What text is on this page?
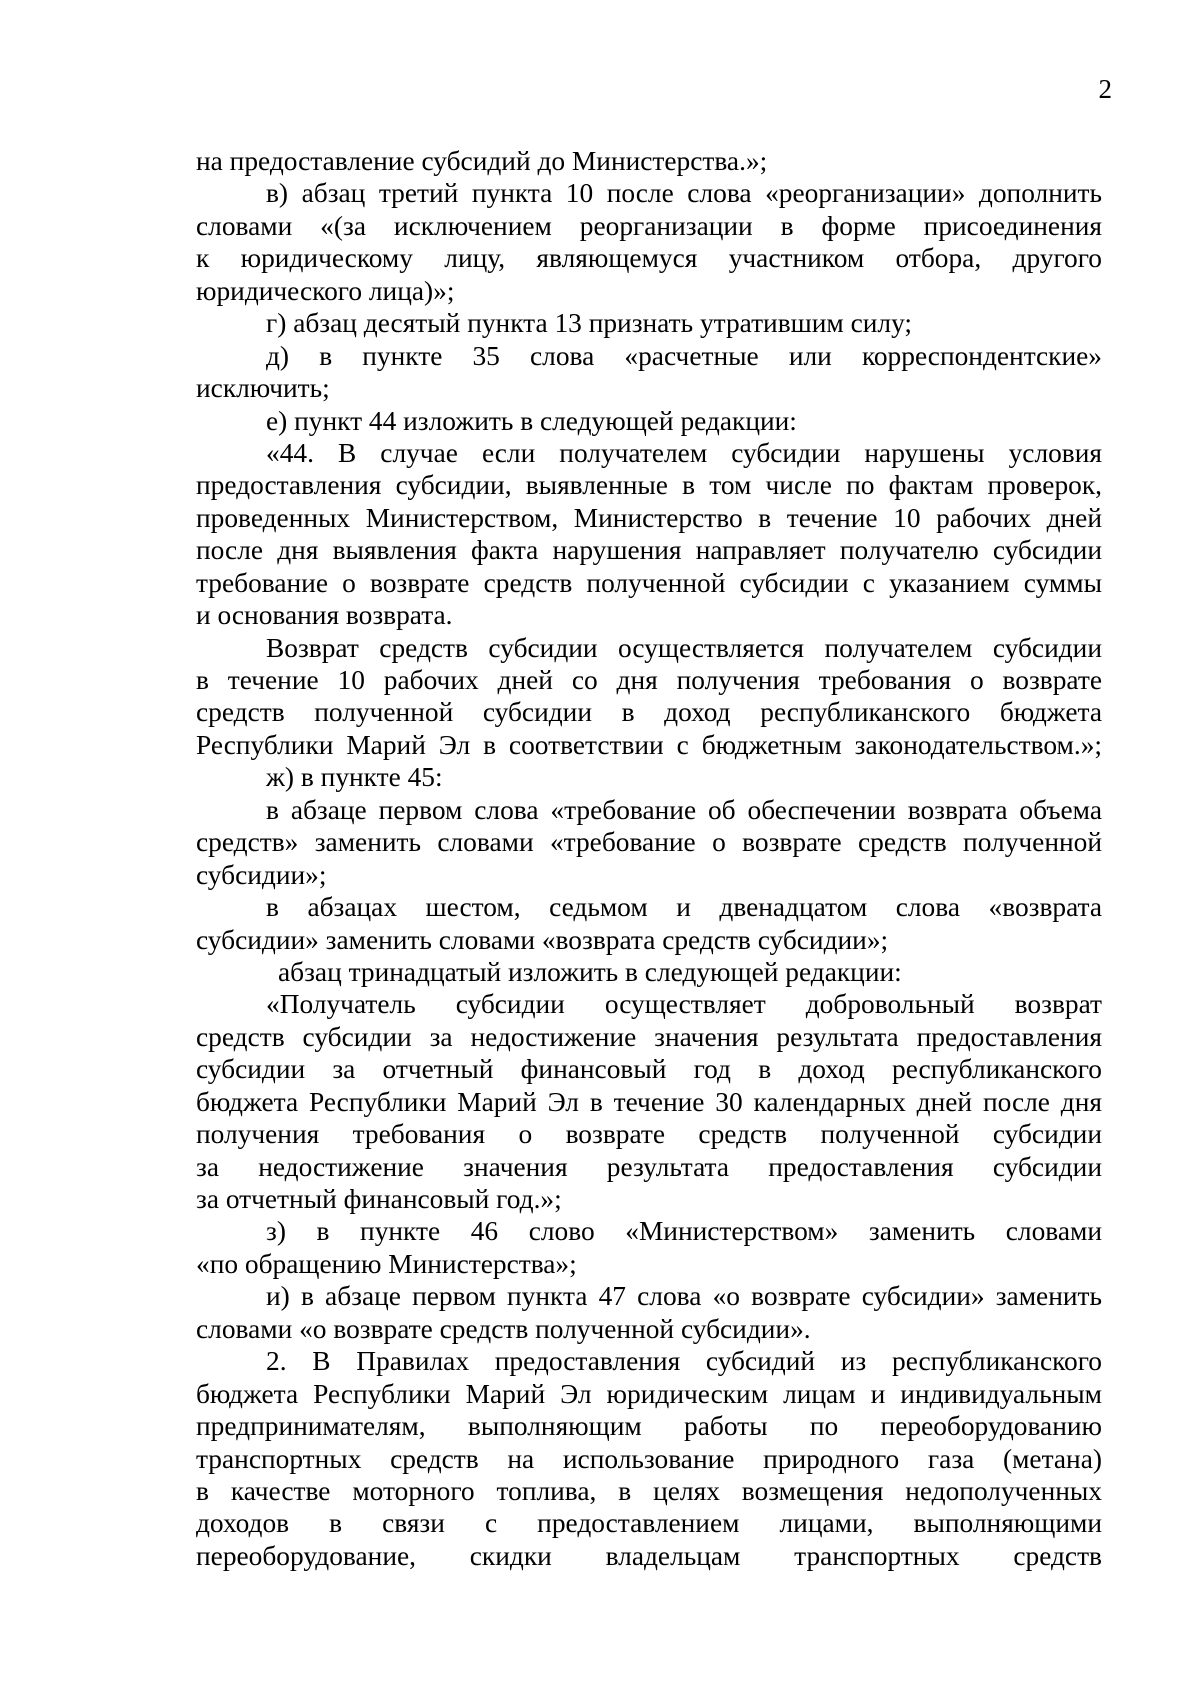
2
на предоставление субсидий до Министерства.»;
в) абзац третий пункта 10 после слова «реорганизации» дополнить
словами «(за исключением реорганизации в форме присоединения
к юридическому лицу, являющемуся участником отбора, другого
юридического лица)»;
г) абзац десятый пункта 13 признать утратившим силу;
д) в пункте 35 слова «расчетные или корреспондентские»
исключить;
е) пункт 44 изложить в следующей редакции:
«44. В случае если получателем субсидии нарушены условия
предоставления субсидии, выявленные в том числе по фактам проверок,
проведенных Министерством, Министерство в течение 10 рабочих дней
после дня выявления факта нарушения направляет получателю субсидии
требование о возврате средств полученной субсидии с указанием суммы
и основания возврата.
Возврат средств субсидии осуществляется получателем субсидии
в течение 10 рабочих дней со дня получения требования о возврате
средств полученной субсидии в доход республиканского бюджета
Республики Марий Эл в соответствии с бюджетным законодательством.»;
ж) в пункте 45:
в абзаце первом слова «требование об обеспечении возврата объема
средств» заменить словами «требование о возврате средств полученной
субсидии»;
в абзацах шестом, седьмом и двенадцатом слова «возврата
субсидии» заменить словами «возврата средств субсидии»;
абзац тринадцатый изложить в следующей редакции:
«Получатель субсидии осуществляет добровольный возврат
средств субсидии за недостижение значения результата предоставления
субсидии за отчетный финансовый год в доход республиканского
бюджета Республики Марий Эл в течение 30 календарных дней после дня
получения требования о возврате средств полученной субсидии
за недостижение значения результата предоставления субсидии
за отчетный финансовый год.»;
з) в пункте 46 слово «Министерством» заменить словами
«по обращению Министерства»;
и) в абзаце первом пункта 47 слова «о возврате субсидии» заменить
словами «о возврате средств полученной субсидии».
2. В Правилах предоставления субсидий из республиканского
бюджета Республики Марий Эл юридическим лицам и индивидуальным
предпринимателям, выполняющим работы по переоборудованию
транспортных средств на использование природного газа (метана)
в качестве моторного топлива, в целях возмещения недополученных
доходов в связи с предоставлением лицами, выполняющими
переоборудование, скидки владельцам транспортных средств
